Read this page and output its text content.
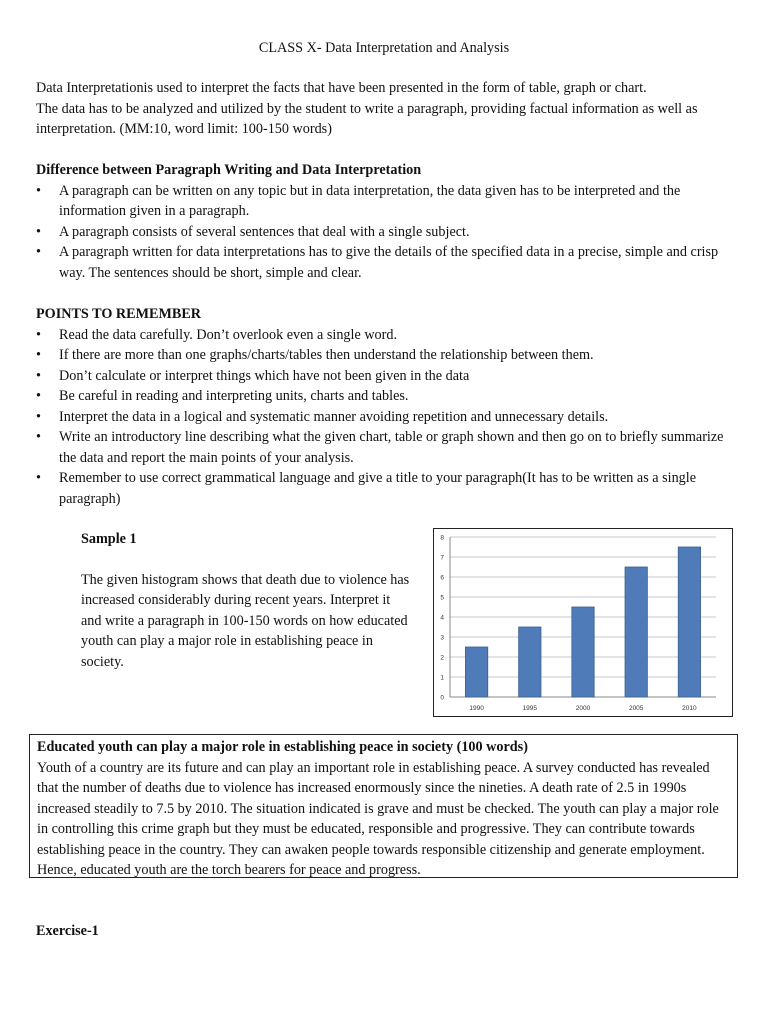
CLASS X- Data Interpretation and Analysis

Data Interpretationis used to interpret the facts that have been presented in the form of table, graph or chart.

The data has to be analyzed and utilized by the student to write a paragraph, providing factual information as well as interpretation. (MM:10, word limit: 100-150 words)

Difference between Paragraph Writing and Data Interpretation
• A paragraph can be written on any topic but in data interpretation, the data given has to be interpreted and the information given in a paragraph.
• A paragraph consists of several sentences that deal with a single subject.
• A paragraph written for data interpretations has to give the details of the specified data in a precise, simple and crisp way. The sentences should be short, simple and clear.
POINTS TO REMEMBER
• Read the data carefully. Don’t overlook even a single word.
• If there are more than one graphs/charts/tables then understand the relationship between them.
• Don’t calculate or interpret things which have not been given in the data
• Be careful in reading and interpreting units, charts and tables.
• Interpret the data in a logical and systematic manner avoiding repetition and unnecessary details.
• Write an introductory line describing what the given chart, table or graph shown and then go on to briefly summarize the data and report the main points of your analysis.
• Remember to use correct grammatical language and give a title to your paragraph(It has to be written as a single paragraph)
Sample 1
The given histogram shows that death due to violence has increased considerably during recent years. Interpret it and write a paragraph in 100-150 words on how educated youth can play a major role in establishing peace in society.
0
1
2
3
4
5
6
7
8
1990	1995	2000	2005	2010

Educated youth can play a major role in establishing peace in society (100 words)

Youth of a country are its future and can play an important role in establishing peace. A survey conducted has revealed that the number of deaths due to violence has increased enormously since the nineties. A death rate of 2.5 in 1990s increased steadily to 7.5 by 2010. The situation indicated is grave and must be checked. The youth can play a major role in controlling this crime graph but they must be educated, responsible and progressive. They can contribute towards establishing peace in the country. They can awaken people towards responsible citizenship and generate employment. Hence, educated youth are the torch bearers for peace and progress.

Exercise-1
